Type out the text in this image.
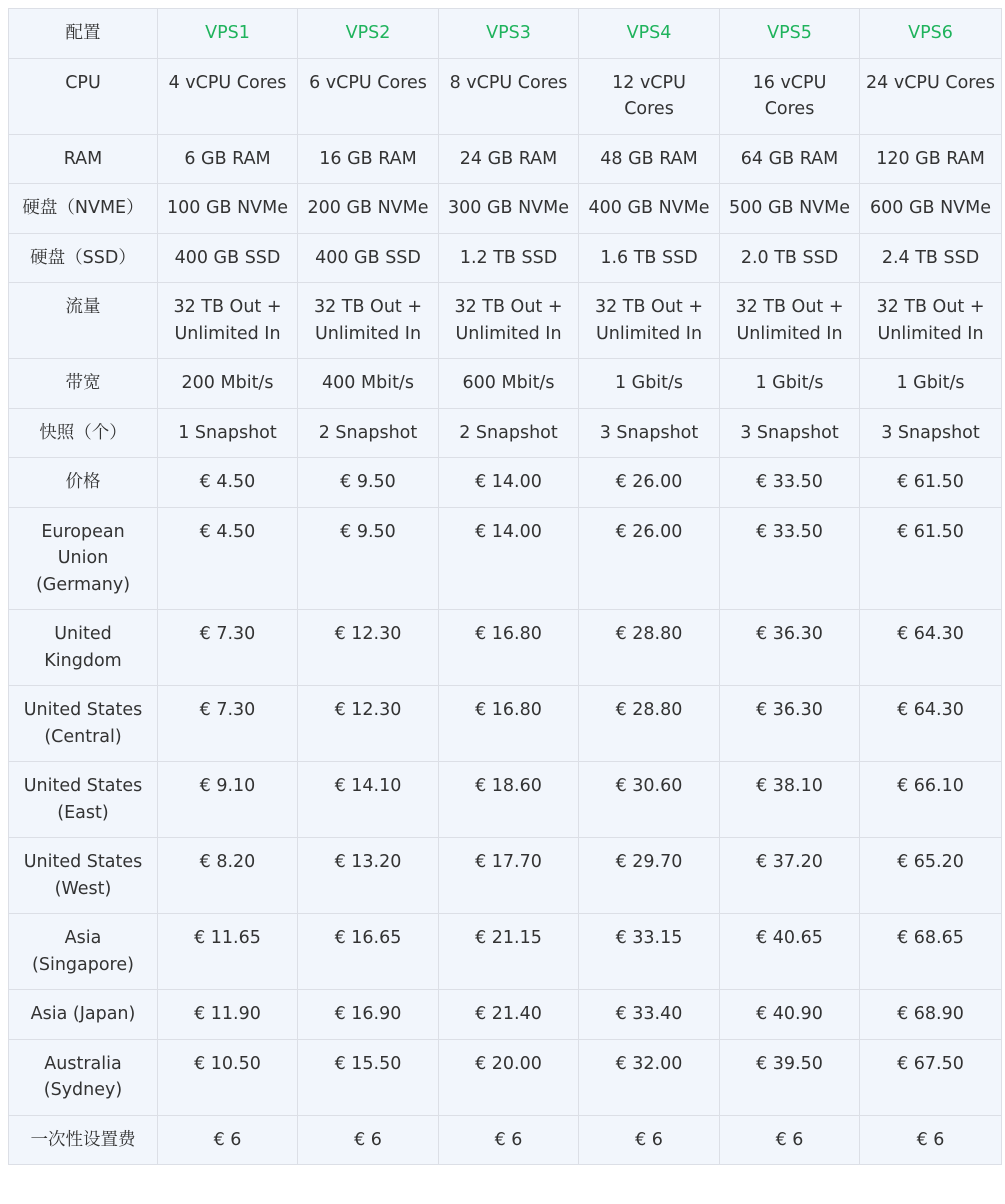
配置	VPS1	VPS2	VPS3	VPS4	VPS5	VPS6
CPU	4 vCPU Cores	6 vCPU Cores	8 vCPU Cores	12 vCPU Cores	16 vCPU Cores	24 vCPU Cores
RAM	6 GB RAM	16 GB RAM	24 GB RAM	48 GB RAM	64 GB RAM	120 GB RAM
硬盘（NVME）	100 GB NVMe	200 GB NVMe	300 GB NVMe	400 GB NVMe	500 GB NVMe	600 GB NVMe
硬盘（SSD）	400 GB SSD	400 GB SSD	1.2 TB SSD	1.6 TB SSD	2.0 TB SSD	2.4 TB SSD
流量	32 TB Out + Unlimited In	32 TB Out + Unlimited In	32 TB Out + Unlimited In	32 TB Out + Unlimited In	32 TB Out + Unlimited In	32 TB Out + Unlimited In
带宽	200 Mbit/s	400 Mbit/s	600 Mbit/s	1 Gbit/s	1 Gbit/s	1 Gbit/s
快照（个）	1 Snapshot	2 Snapshot	2 Snapshot	3 Snapshot	3 Snapshot	3 Snapshot
价格	€ 4.50	€ 9.50	€ 14.00	€ 26.00	€ 33.50	€ 61.50
European Union (Germany)	€ 4.50	€ 9.50	€ 14.00	€ 26.00	€ 33.50	€ 61.50
United Kingdom	€ 7.30	€ 12.30	€ 16.80	€ 28.80	€ 36.30	€ 64.30
United States (Central)	€ 7.30	€ 12.30	€ 16.80	€ 28.80	€ 36.30	€ 64.30
United States (East)	€ 9.10	€ 14.10	€ 18.60	€ 30.60	€ 38.10	€ 66.10
United States (West)	€ 8.20	€ 13.20	€ 17.70	€ 29.70	€ 37.20	€ 65.20
Asia (Singapore)	€ 11.65	€ 16.65	€ 21.15	€ 33.15	€ 40.65	€ 68.65
Asia (Japan)	€ 11.90	€ 16.90	€ 21.40	€ 33.40	€ 40.90	€ 68.90
Australia (Sydney)	€ 10.50	€ 15.50	€ 20.00	€ 32.00	€ 39.50	€ 67.50
一次性设置费	€ 6	€ 6	€ 6	€ 6	€ 6	€ 6
